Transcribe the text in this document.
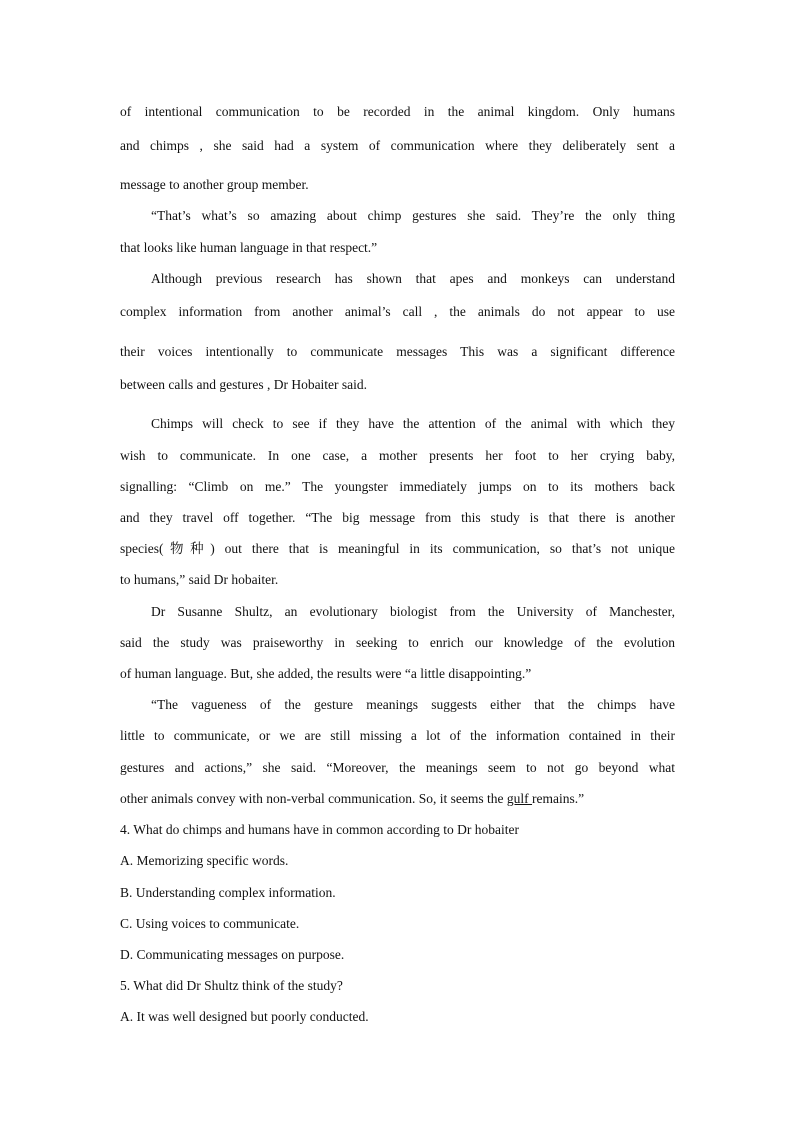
of intentional communication to be recorded in the animal kingdom. Only humans
and chimps , she said had a system of communication where they deliberately sent a
message to another group member.
“That’s what’s so amazing about chimp gestures she said. They’re the only thing
that looks like human language in that respect.”
Although previous research has shown that apes and monkeys can understand
complex information from another animal’s call , the animals do not appear to use
their voices intentionally to communicate messages This was a significant difference
between calls and gestures , Dr Hobaiter said.
Chimps will check to see if they have the attention of the animal with which they
wish to communicate. In one case, a mother presents her foot to her crying baby,
signalling: “Climb on me.” The youngster immediately jumps on to its mothers back
and they travel off together. “The big message from this study is that there is another
species(物种) out there that is meaningful in its communication, so that’s not unique
to humans,” said Dr hobaiter.
Dr Susanne Shultz, an evolutionary biologist from the University of Manchester,
said the study was praiseworthy in seeking to enrich our knowledge of the evolution
of human language. But, she added, the results were “a little disappointing.”
“The vagueness of the gesture meanings suggests either that the chimps have
little to communicate, or we are still missing a lot of the information contained in their
gestures and actions,” she said. “Moreover, the meanings seem to not go beyond what
other animals convey with non-verbal communication. So, it seems the gulf remains.”
4. What do chimps and humans have in common according to Dr hobaiter
A. Memorizing specific words.
B. Understanding complex information.
C. Using voices to communicate.
D. Communicating messages on purpose.
5. What did Dr Shultz think of the study?
A. It was well designed but poorly conducted.
